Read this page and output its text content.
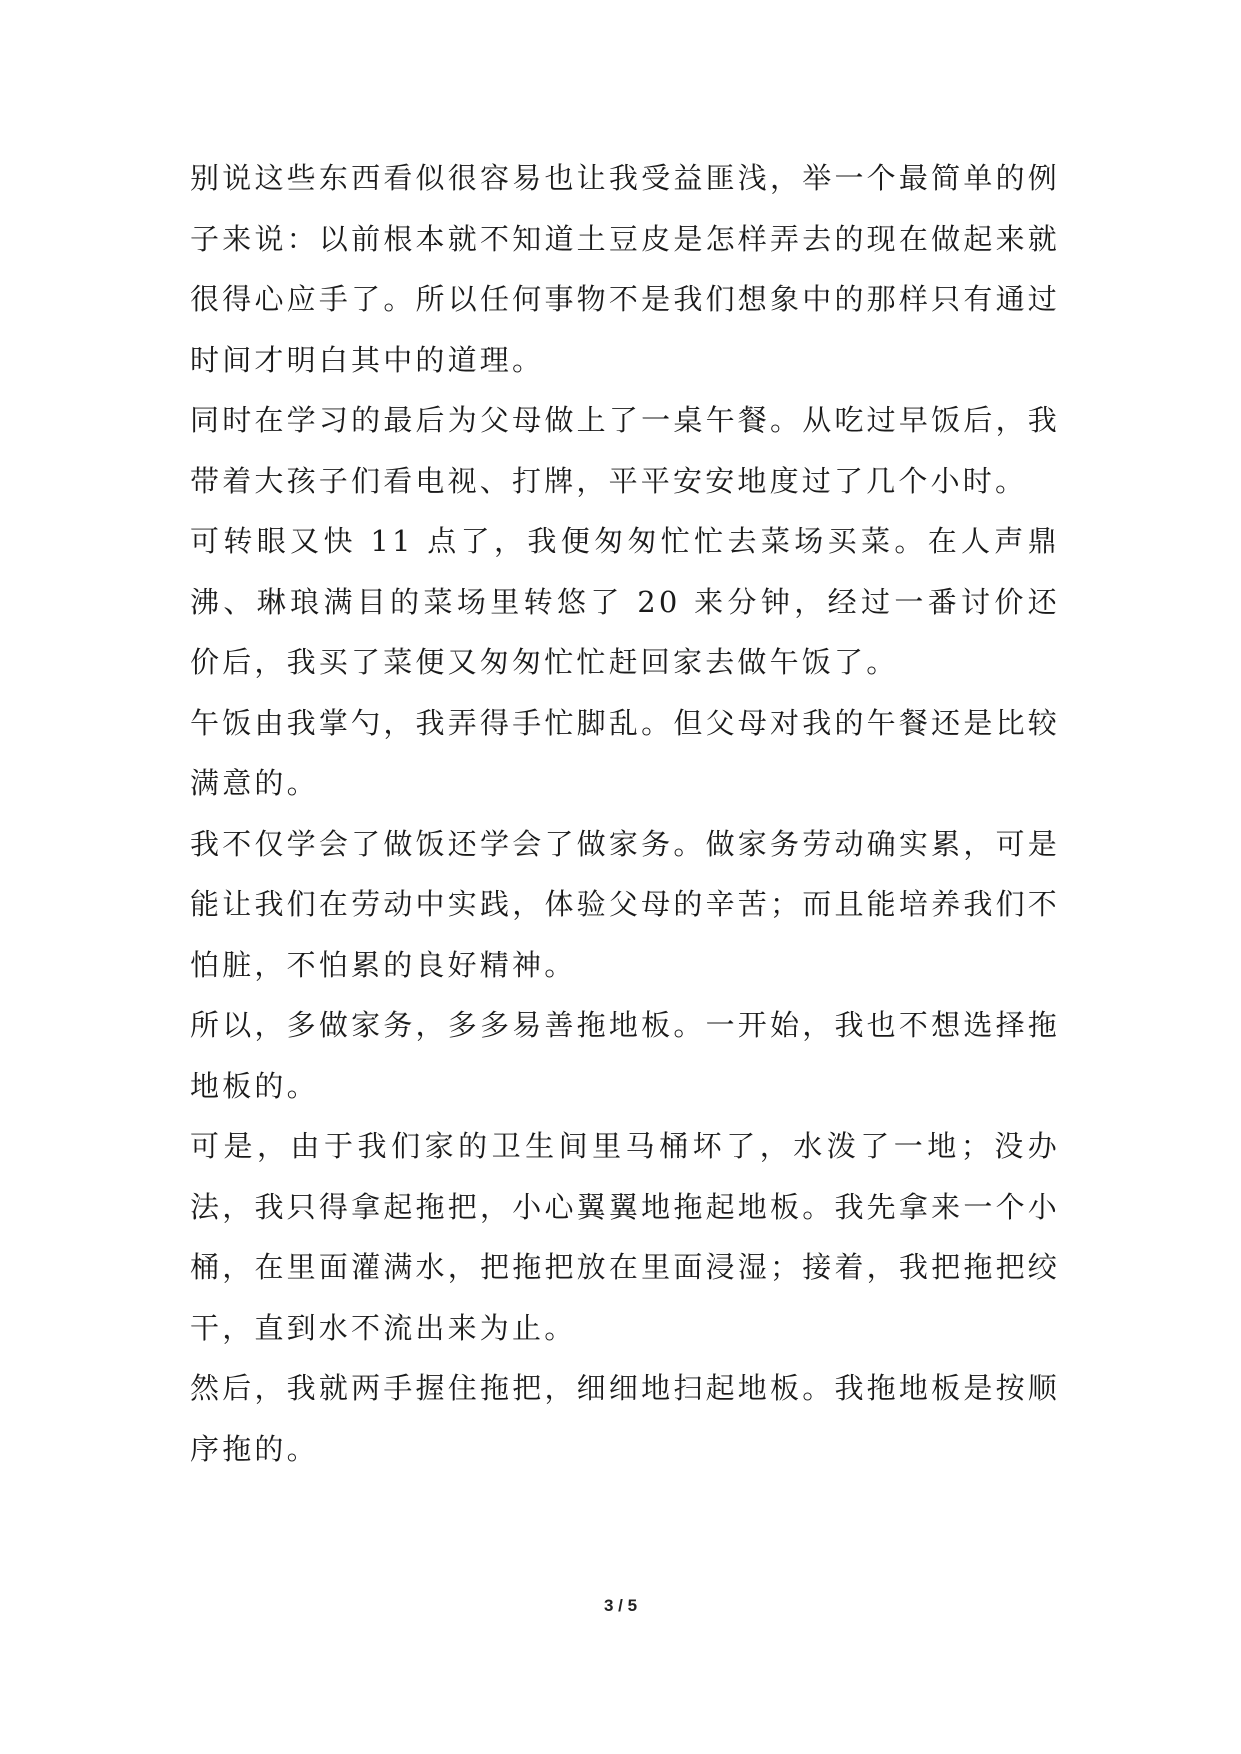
别说这些东西看似很容易也让我受益匪浅，举一个最简单的例子来说：以前根本就不知道土豆皮是怎样弄去的现在做起来就很得心应手了。所以任何事物不是我们想象中的那样只有通过时间才明白其中的道理。

同时在学习的最后为父母做上了一桌午餐。从吃过早饭后，我带着大孩子们看电视、打牌，平平安安地度过了几个小时。

可转眼又快 11 点了，我便匆匆忙忙去菜场买菜。在人声鼎沸、琳琅满目的菜场里转悠了 20 来分钟，经过一番讨价还价后，我买了菜便又匆匆忙忙赶回家去做午饭了。

午饭由我掌勺，我弄得手忙脚乱。但父母对我的午餐还是比较满意的。

我不仅学会了做饭还学会了做家务。做家务劳动确实累，可是能让我们在劳动中实践，体验父母的辛苦；而且能培养我们不怕脏，不怕累的良好精神。

所以，多做家务，多多易善拖地板。一开始，我也不想选择拖地板的。

可是，由于我们家的卫生间里马桶坏了，水泼了一地；没办法，我只得拿起拖把，小心翼翼地拖起地板。我先拿来一个小桶，在里面灌满水，把拖把放在里面浸湿；接着，我把拖把绞干，直到水不流出来为止。

然后，我就两手握住拖把，细细地扫起地板。我拖地板是按顺序拖的。

3 / 5
